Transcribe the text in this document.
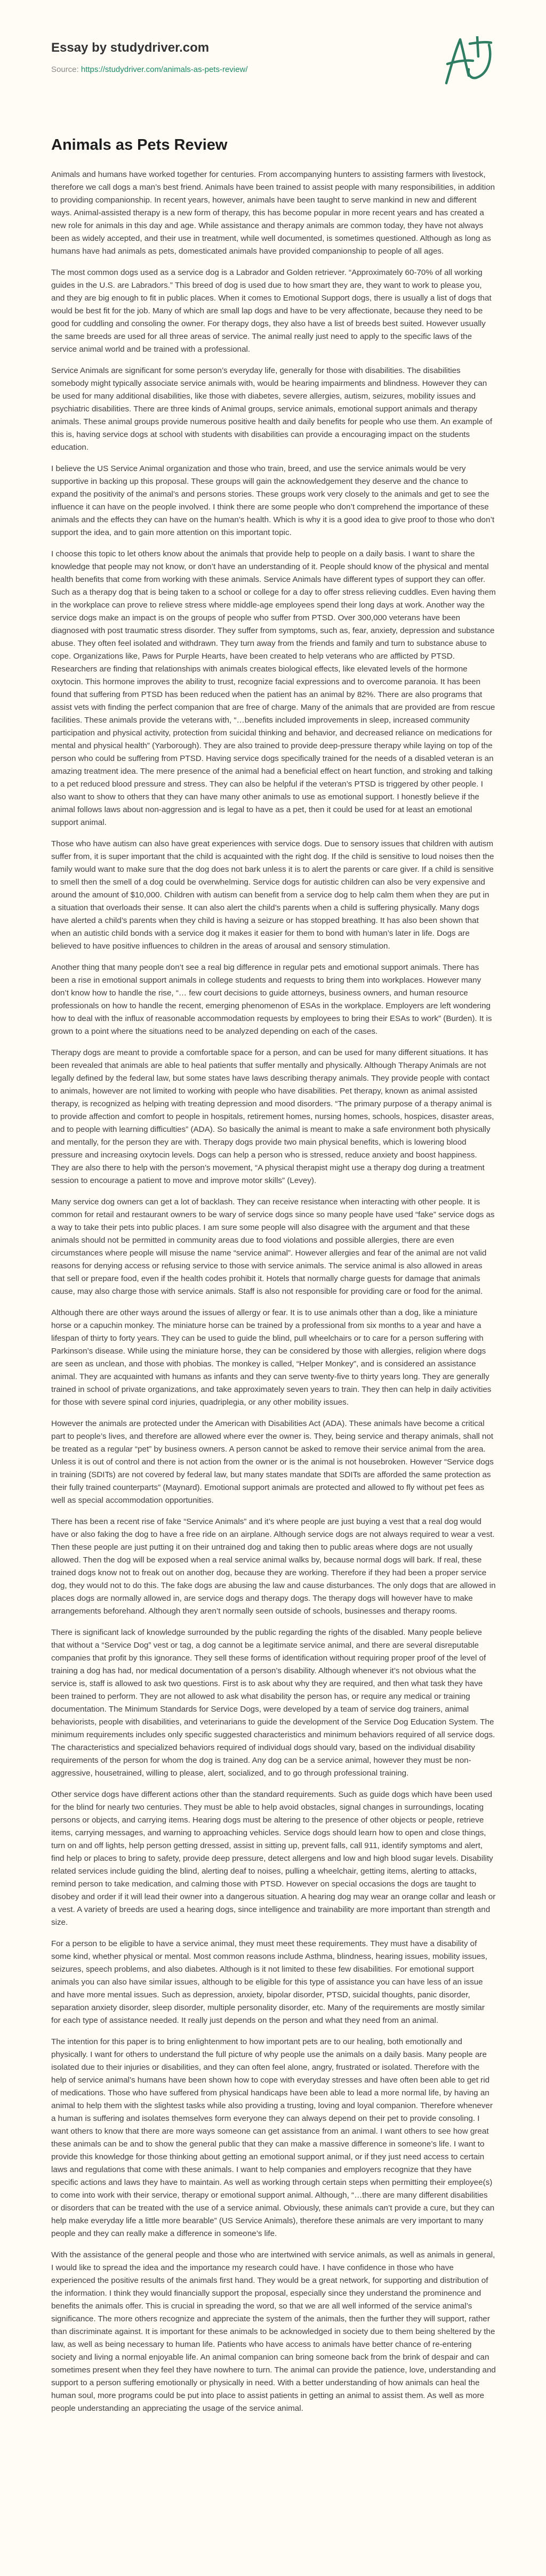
Essay by studydriver.com
Source: https://studydriver.com/animals-as-pets-review/
Animals as Pets Review

Animals and humans have worked together for centuries. From accompanying hunters to assisting farmers with livestock, therefore we call dogs a man’s best friend. Animals have been trained to assist people with many responsibilities, in addition to providing companionship. In recent years, however, animals have been taught to serve mankind in new and different ways. Animal-assisted therapy is a new form of therapy, this has become popular in more recent years and has created a new role for animals in this day and age. While assistance and therapy animals are common today, they have not always been as widely accepted, and their use in treatment, while well documented, is sometimes questioned. Although as long as humans have had animals as pets, domesticated animals have provided companionship to people of all ages.

The most common dogs used as a service dog is a Labrador and Golden retriever. “Approximately 60-70% of all working guides in the U.S. are Labradors.” This breed of dog is used due to how smart they are, they want to work to please you, and they are big enough to fit in public places. When it comes to Emotional Support dogs, there is usually a list of dogs that would be best fit for the job. Many of which are small lap dogs and have to be very affectionate, because they need to be good for cuddling and consoling the owner. For therapy dogs, they also have a list of breeds best suited. However usually the same breeds are used for all three areas of service. The animal really just need to apply to the specific laws of the service animal world and be trained with a professional.

Service Animals are significant for some person’s everyday life, generally for those with disabilities. The disabilities somebody might typically associate service animals with, would be hearing impairments and blindness. However they can be used for many additional disabilities, like those with diabetes, severe allergies, autism, seizures, mobility issues and psychiatric disabilities. There are three kinds of Animal groups, service animals, emotional support animals and therapy animals. These animal groups provide numerous positive health and daily benefits for people who use them. An example of this is, having service dogs at school with students with disabilities can provide a encouraging impact on the students education.

I believe the US Service Animal organization and those who train, breed, and use the service animals would be very supportive in backing up this proposal. These groups will gain the acknowledgement they deserve and the chance to expand the positivity of the animal’s and persons stories. These groups work very closely to the animals and get to see the influence it can have on the people involved. I think there are some people who don’t comprehend the importance of these animals and the effects they can have on the human’s health. Which is why it is a good idea to give proof to those who don’t support the idea, and to gain more attention on this important topic.

I choose this topic to let others know about the animals that provide help to people on a daily basis. I want to share the knowledge that people may not know, or don’t have an understanding of it. People should know of the physical and mental health benefits that come from working with these animals. Service Animals have different types of support they can offer. Such as a therapy dog that is being taken to a school or college for a day to offer stress relieving cuddles. Even having them in the workplace can prove to relieve stress where middle-age employees spend their long days at work. Another way the service dogs make an impact is on the groups of people who suffer from PTSD. Over 300,000 veterans have been diagnosed with post traumatic stress disorder. They suffer from symptoms, such as, fear, anxiety, depression and substance abuse. They often feel isolated and withdrawn. They turn away from the friends and family and turn to substance abuse to cope. Organizations like, Paws for Purple Hearts, have been created to help veterans who are afflicted by PTSD. Researchers are finding that relationships with animals creates biological effects, like elevated levels of the hormone oxytocin. This hormone improves the ability to trust, recognize facial expressions and to overcome paranoia. It has been found that suffering from PTSD has been reduced when the patient has an animal by 82%. There are also programs that assist vets with finding the perfect companion that are free of charge. Many of the animals that are provided are from rescue facilities. These animals provide the veterans with, “…benefits included improvements in sleep, increased community participation and physical activity, protection from suicidal thinking and behavior, and decreased reliance on medications for mental and physical health” (Yarborough). They are also trained to provide deep-pressure therapy while laying on top of the person who could be suffering from PTSD. Having service dogs specifically trained for the needs of a disabled veteran is an amazing treatment idea. The mere presence of the animal had a beneficial effect on heart function, and stroking and talking to a pet reduced blood pressure and stress. They can also be helpful if the veteran’s PTSD is triggered by other people. I also want to show to others that they can have many other animals to use as emotional support. I honestly believe if the animal follows laws about non-aggression and is legal to have as a pet, then it could be used for at least an emotional support animal.

Those who have autism can also have great experiences with service dogs. Due to sensory issues that children with autism suffer from, it is super important that the child is acquainted with the right dog. If the child is sensitive to loud noises then the family would want to make sure that the dog does not bark unless it is to alert the parents or care giver. If a child is sensitive to smell then the smell of a dog could be overwhelming. Service dogs for autistic children can also be very expensive and around the amount of $10,000. Children with autism can benefit from a service dog to help calm them when they are put in a situation that overloads their sense. It can also alert the child’s parents when a child is suffering physically. Many dogs have alerted a child’s parents when they child is having a seizure or has stopped breathing. It has also been shown that when an autistic child bonds with a service dog it makes it easier for them to bond with human’s later in life. Dogs are believed to have positive influences to children in the areas of arousal and sensory stimulation.

Another thing that many people don’t see a real big difference in regular pets and emotional support animals. There has been a rise in emotional support animals in college students and requests to bring them into workplaces. However many don’t know how to handle the rise, “… few court decisions to guide attorneys, business owners, and human resource professionals on how to handle the recent, emerging phenomenon of ESAs in the workplace. Employers are left wondering how to deal with the influx of reasonable accommodation requests by employees to bring their ESAs to work” (Burden). It is grown to a point where the situations need to be analyzed depending on each of the cases.

Therapy dogs are meant to provide a comfortable space for a person, and can be used for many different situations. It has been revealed that animals are able to heal patients that suffer mentally and physically. Although Therapy Animals are not legally defined by the federal law, but some states have laws describing therapy animals. They provide people with contact to animals, however are not limited to working with people who have disabilities. Pet therapy, known as animal assisted therapy, is recognized as helping with treating depression and mood disorders. “The primary purpose of a therapy animal is to provide affection and comfort to people in hospitals, retirement homes, nursing homes, schools, hospices, disaster areas, and to people with learning difficulties” (ADA). So basically the animal is meant to make a safe environment both physically and mentally, for the person they are with. Therapy dogs provide two main physical benefits, which is lowering blood pressure and increasing oxytocin levels. Dogs can help a person who is stressed, reduce anxiety and boost happiness. They are also there to help with the person’s movement, “A physical therapist might use a therapy dog during a treatment session to encourage a patient to move and improve motor skills” (Levey).

Many service dog owners can get a lot of backlash. They can receive resistance when interacting with other people. It is common for retail and restaurant owners to be wary of service dogs since so many people have used “fake” service dogs as a way to take their pets into public places. I am sure some people will also disagree with the argument and that these animals should not be permitted in community areas due to food violations and possible allergies, there are even circumstances where people will misuse the name “service animal”. However allergies and fear of the animal are not valid reasons for denying access or refusing service to those with service animals. The service animal is also allowed in areas that sell or prepare food, even if the health codes prohibit it. Hotels that normally charge guests for damage that animals cause, may also charge those with service animals. Staff is also not responsible for providing care or food for the animal.

Although there are other ways around the issues of allergy or fear. It is to use animals other than a dog, like a miniature horse or a capuchin monkey. The miniature horse can be trained by a professional from six months to a year and have a lifespan of thirty to forty years. They can be used to guide the blind, pull wheelchairs or to care for a person suffering with Parkinson’s disease. While using the miniature horse, they can be considered by those with allergies, religion where dogs are seen as unclean, and those with phobias. The monkey is called, “Helper Monkey”, and is considered an assistance animal. They are acquainted with humans as infants and they can serve twenty-five to thirty years long. They are generally trained in school of private organizations, and take approximately seven years to train. They then can help in daily activities for those with severe spinal cord injuries, quadriplegia, or any other mobility issues.

However the animals are protected under the American with Disabilities Act (ADA). These animals have become a critical part to people’s lives, and therefore are allowed where ever the owner is. They, being service and therapy animals, shall not be treated as a regular “pet” by business owners. A person cannot be asked to remove their service animal from the area. Unless it is out of control and there is not action from the owner or is the animal is not housebroken. However “Service dogs in training (SDITs) are not covered by federal law, but many states mandate that SDITs are afforded the same protection as their fully trained counterparts” (Maynard). Emotional support animals are protected and allowed to fly without pet fees as well as special accommodation opportunities.

There has been a recent rise of fake “Service Animals” and it’s where people are just buying a vest that a real dog would have or also faking the dog to have a free ride on an airplane. Although service dogs are not always required to wear a vest. Then these people are just putting it on their untrained dog and taking then to public areas where dogs are not usually allowed. Then the dog will be exposed when a real service animal walks by, because normal dogs will bark. If real, these trained dogs know not to freak out on another dog, because they are working. Therefore if they had been a proper service dog, they would not to do this. The fake dogs are abusing the law and cause disturbances. The only dogs that are allowed in places dogs are normally allowed in, are service dogs and therapy dogs. The therapy dogs will however have to make arrangements beforehand. Although they aren’t normally seen outside of schools, businesses and therapy rooms.

There is significant lack of knowledge surrounded by the public regarding the rights of the disabled. Many people believe that without a “Service Dog” vest or tag, a dog cannot be a legitimate service animal, and there are several disreputable companies that profit by this ignorance. They sell these forms of identification without requiring proper proof of the level of training a dog has had, nor medical documentation of a person’s disability. Although whenever it’s not obvious what the service is, staff is allowed to ask two questions. First is to ask about why they are required, and then what task they have been trained to perform. They are not allowed to ask what disability the person has, or require any medical or training documentation. The Minimum Standards for Service Dogs, were developed by a team of service dog trainers, animal behaviorists, people with disabilities, and veterinarians to guide the development of the Service Dog Education System. The minimum requirements includes only specific suggested characteristics and minimum behaviors required of all service dogs. The characteristics and specialized behaviors required of individual dogs should vary, based on the individual disability requirements of the person for whom the dog is trained. Any dog can be a service animal, however they must be non-aggressive, housetrained, willing to please, alert, socialized, and to go through professional training.

Other service dogs have different actions other than the standard requirements. Such as guide dogs which have been used for the blind for nearly two centuries. They must be able to help avoid obstacles, signal changes in surroundings, locating persons or objects, and carrying items. Hearing dogs must be altering to the presence of other objects or people, retrieve items, carrying messages, and warning to approaching vehicles. Service dogs should learn how to open and close things, turn on and off lights, help person getting dressed, assist in sitting up, prevent falls, call 911, identify symptoms and alert, find help or places to bring to safety, provide deep pressure, detect allergens and low and high blood sugar levels. Disability related services include guiding the blind, alerting deaf to noises, pulling a wheelchair, getting items, alerting to attacks, remind person to take medication, and calming those with PTSD. However on special occasions the dogs are taught to disobey and order if it will lead their owner into a dangerous situation. A hearing dog may wear an orange collar and leash or a vest. A variety of breeds are used a hearing dogs, since intelligence and trainability are more important than strength and size.

For a person to be eligible to have a service animal, they must meet these requirements. They must have a disability of some kind, whether physical or mental. Most common reasons include Asthma, blindness, hearing issues, mobility issues, seizures, speech problems, and also diabetes. Although is it not limited to these few disabilities. For emotional support animals you can also have similar issues, although to be eligible for this type of assistance you can have less of an issue and have more mental issues. Such as depression, anxiety, bipolar disorder, PTSD, suicidal thoughts, panic disorder, separation anxiety disorder, sleep disorder, multiple personality disorder, etc. Many of the requirements are mostly similar for each type of assistance needed. It really just depends on the person and what they need from an animal.

The intention for this paper is to bring enlightenment to how important pets are to our healing, both emotionally and physically. I want for others to understand the full picture of why people use the animals on a daily basis. Many people are isolated due to their injuries or disabilities, and they can often feel alone, angry, frustrated or isolated. Therefore with the help of service animal’s humans have been shown how to cope with everyday stresses and have often been able to get rid of medications. Those who have suffered from physical handicaps have been able to lead a more normal life, by having an animal to help them with the slightest tasks while also providing a trusting, loving and loyal companion. Therefore whenever a human is suffering and isolates themselves form everyone they can always depend on their pet to provide consoling. I want others to know that there are more ways someone can get assistance from an animal. I want others to see how great these animals can be and to show the general public that they can make a massive difference in someone’s life. I want to provide this knowledge for those thinking about getting an emotional support animal, or if they just need access to certain laws and regulations that come with these animals. I want to help companies and employers recognize that they have specific actions and laws they have to maintain. As well as working through certain steps when permitting their employee(s) to come into work with their service, therapy or emotional support animal. Although, “…there are many different disabilities or disorders that can be treated with the use of a service animal. Obviously, these animals can’t provide a cure, but they can help make everyday life a little more bearable” (US Service Animals), therefore these animals are very important to many people and they can really make a difference in someone’s life.

With the assistance of the general people and those who are intertwined with service animals, as well as animals in general, I would like to spread the idea and the importance my research could have. I have confidence in those who have experienced the positive results of the animals first hand. They would be a great network, for supporting and distribution of the information. I think they would financially support the proposal, especially since they understand the prominence and benefits the animals offer. This is crucial in spreading the word, so that we are all well informed of the service animal’s significance. The more others recognize and appreciate the system of the animals, then the further they will support, rather than discriminate against. It is important for these animals to be acknowledged in society due to them being sheltered by the law, as well as being necessary to human life. Patients who have access to animals have better chance of re-entering society and living a normal enjoyable life. An animal companion can bring someone back from the brink of despair and can sometimes present when they feel they have nowhere to turn. The animal can provide the patience, love, understanding and support to a person suffering emotionally or physically in need. With a better understanding of how animals can heal the human soul, more programs could be put into place to assist patients in getting an animal to assist them. As well as more people understanding an appreciating the usage of the service animal.
